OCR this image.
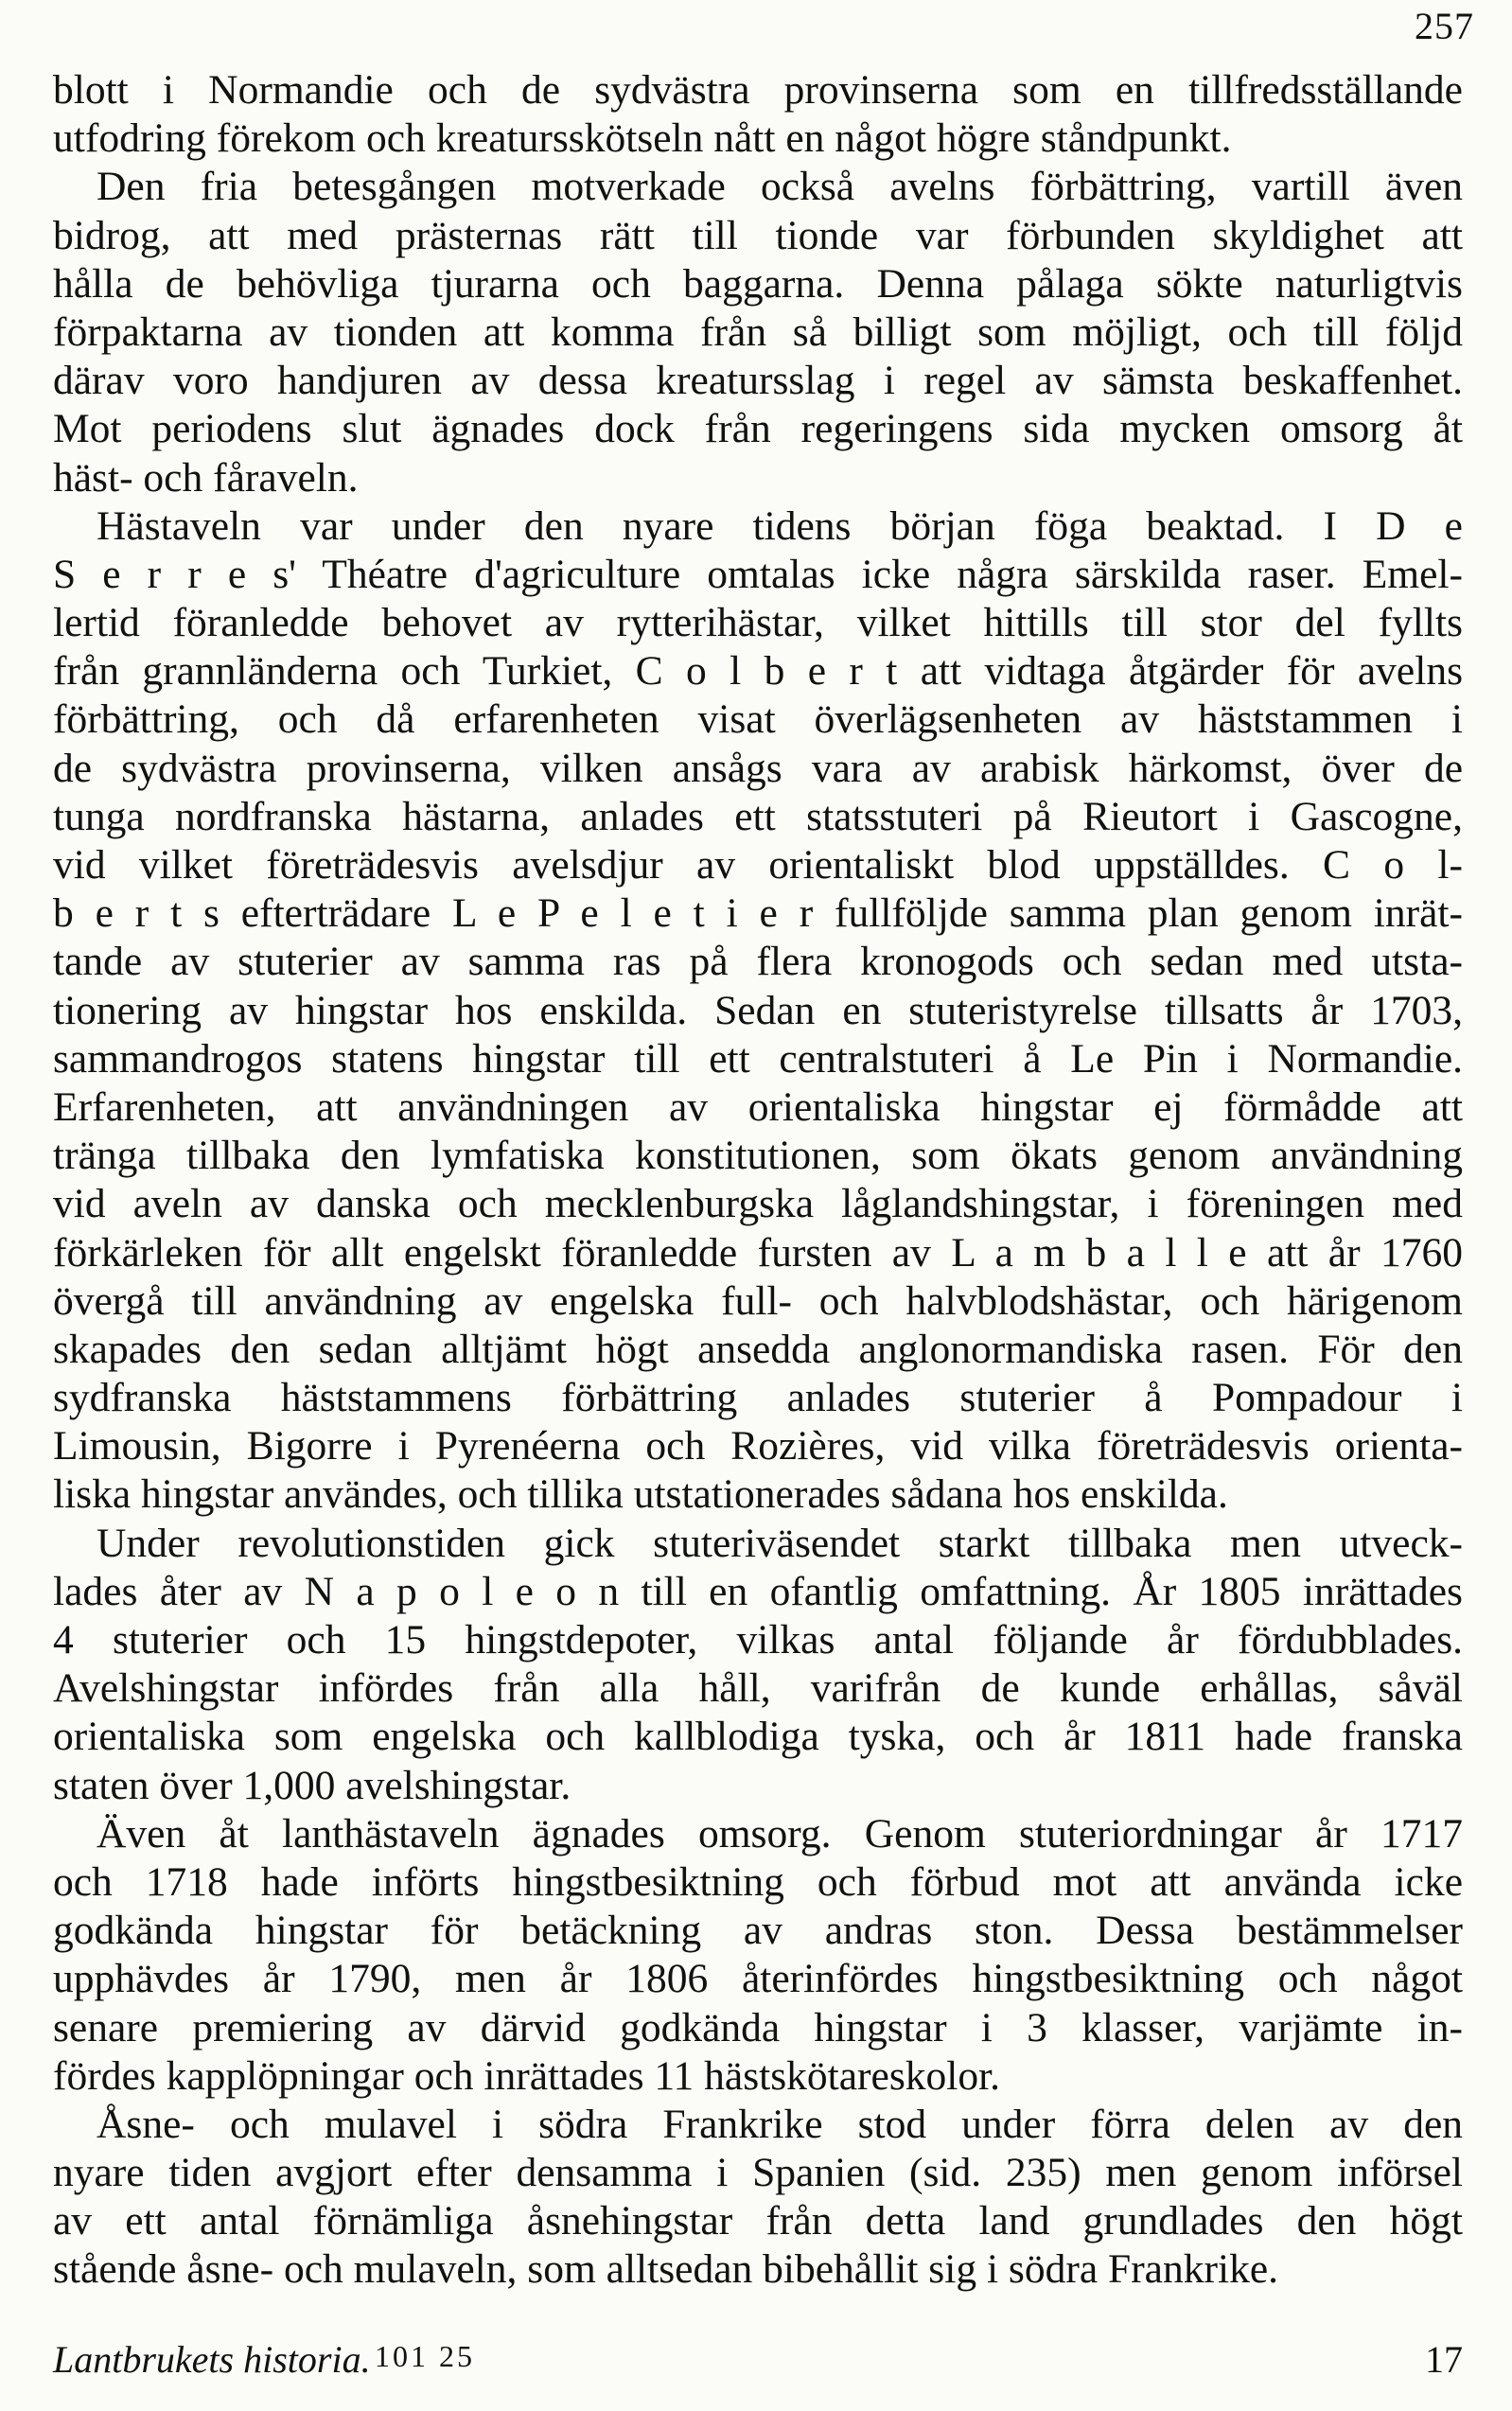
257
blott i Normandie och de sydvästra provinserna som en tillfredsställande
utfodring förekom och kreatursskötseln nått en något högre ståndpunkt.
Den fria betesgången motverkade också avelns förbättring, vartill även
bidrog, att med prästernas rätt till tionde var förbunden skyldighet att
hålla de behövliga tjurarna och baggarna. Denna pålaga sökte naturligtvis
förpaktarna av tionden att komma från så billigt som möjligt, och till följd
därav voro handjuren av dessa kreatursslag i regel av sämsta beskaffenhet.
Mot periodens slut ägnades dock från regeringens sida mycken omsorg åt
häst- och fåraveln.
Hästaveln var under den nyare tidens början föga beaktad. I D e
S e r r e s' Théatre d'agriculture omtalas icke några särskilda raser. Emel-
lertid föranledde behovet av rytterihästar, vilket hittills till stor del fyllts
från grannländerna och Turkiet, C o l b e r t att vidtaga åtgärder för avelns
förbättring, och då erfarenheten visat överlägsenheten av häststammen i
de sydvästra provinserna, vilken ansågs vara av arabisk härkomst, över de
tunga nordfranska hästarna, anlades ett statsstuteri på Rieutort i Gascogne,
vid vilket företrädesvis avelsdjur av orientaliskt blod uppställdes. C o l-
b e r t s efterträdare L e P e l e t i e r fullföljde samma plan genom inrät-
tande av stuterier av samma ras på flera kronogods och sedan med utsta-
tionering av hingstar hos enskilda. Sedan en stuteristyrelse tillsatts år 1703,
sammandrogos statens hingstar till ett centralstuteri å Le Pin i Normandie.
Erfarenheten, att användningen av orientaliska hingstar ej förmådde att
tränga tillbaka den lymfatiska konstitutionen, som ökats genom användning
vid aveln av danska och mecklenburgska låglandshingstar, i föreningen med
förkärleken för allt engelskt föranledde fursten av L a m b a l l e att år 1760
övergå till användning av engelska full- och halvblodshästar, och härigenom
skapades den sedan alltjämt högt ansedda anglonormandiska rasen. För den
sydfranska häststammens förbättring anlades stuterier å Pompadour i
Limousin, Bigorre i Pyrenéerna och Rozières, vid vilka företrädesvis orienta-
liska hingstar användes, och tillika utstationerades sådana hos enskilda.
Under revolutionstiden gick stuteriväsendet starkt tillbaka men utveck-
lades åter av N a p o l e o n till en ofantlig omfattning. År 1805 inrättades
4 stuterier och 15 hingstdepoter, vilkas antal följande år fördubblades.
Avelshingstar infördes från alla håll, varifrån de kunde erhållas, såväl
orientaliska som engelska och kallblodiga tyska, och år 1811 hade franska
staten över 1,000 avelshingstar.
Även åt lanthästaveln ägnades omsorg. Genom stuteriordningar år 1717
och 1718 hade införts hingstbesiktning och förbud mot att använda icke
godkända hingstar för betäckning av andras ston. Dessa bestämmelser
upphävdes år 1790, men år 1806 återinfördes hingstbesiktning och något
senare premiering av därvid godkända hingstar i 3 klasser, varjämte in-
fördes kapplöpningar och inrättades 11 hästskötareskolor.
Åsne- och mulavel i södra Frankrike stod under förra delen av den
nyare tiden avgjort efter densamma i Spanien (sid. 235) men genom införsel
av ett antal förnämliga åsnehingstar från detta land grundlades den högt
stående åsne- och mulaveln, som alltsedan bibehållit sig i södra Frankrike.
Lantbrukets historia. 101 25	17
